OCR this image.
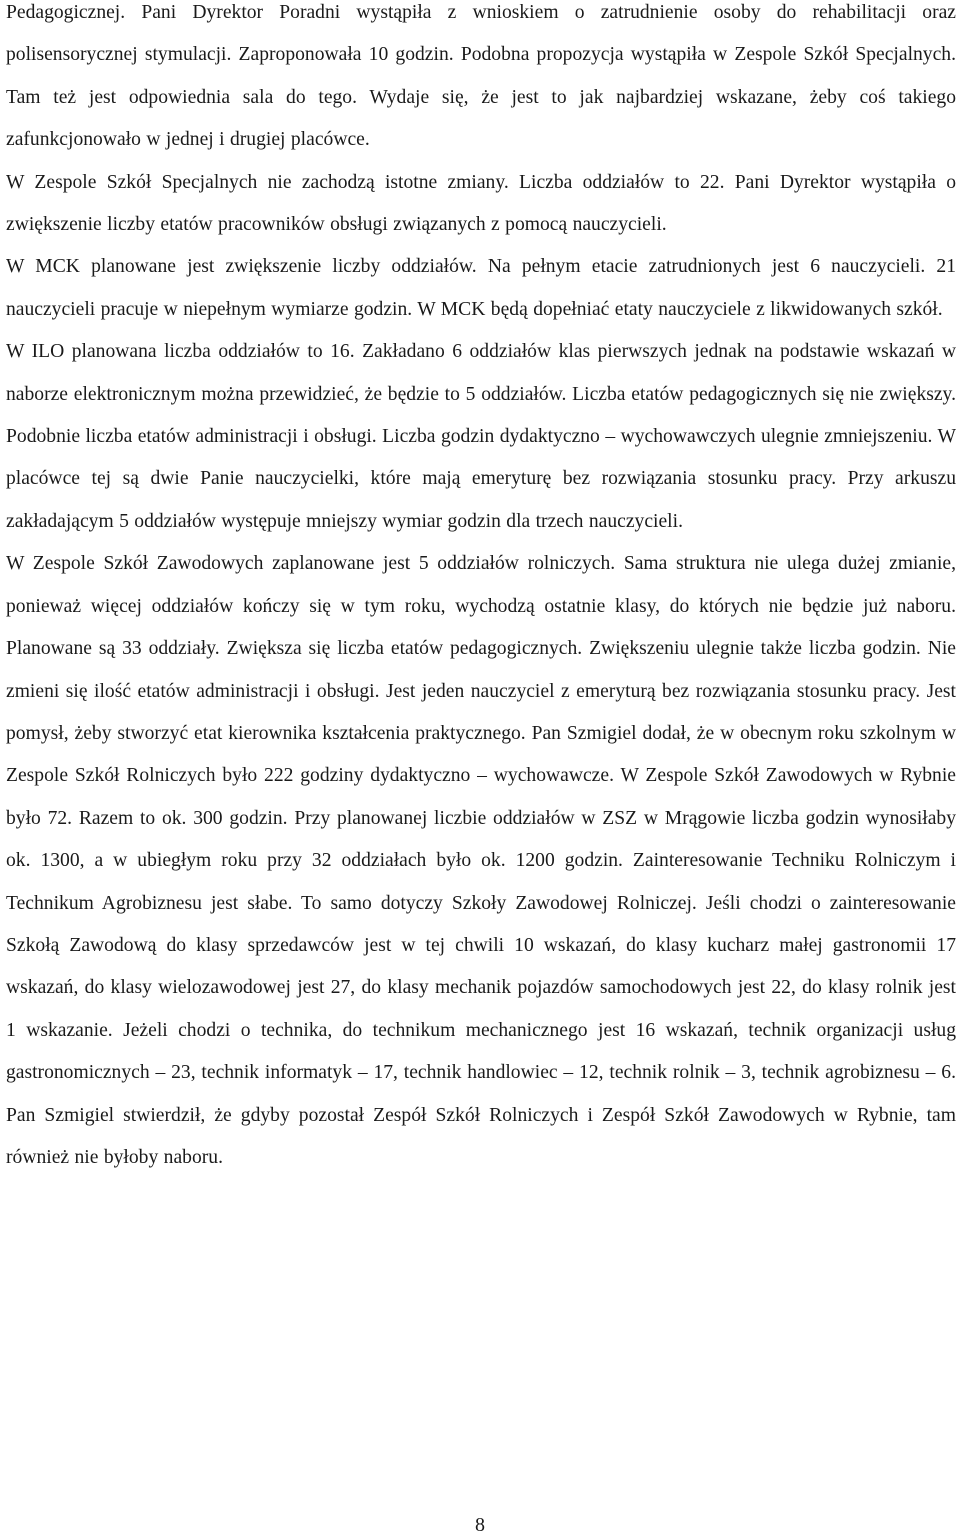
Pedagogicznej. Pani Dyrektor Poradni wystąpiła z wnioskiem o zatrudnienie osoby do rehabilitacji oraz polisensorycznej stymulacji. Zaproponowała 10 godzin. Podobna propozycja wystąpiła w Zespole Szkół Specjalnych. Tam też jest odpowiednia sala do tego. Wydaje się, że jest to jak najbardziej wskazane, żeby coś takiego zafunkcjonowało w jednej i drugiej placówce.

W Zespole Szkół Specjalnych nie zachodzą istotne zmiany. Liczba oddziałów to 22. Pani Dyrektor wystąpiła o zwiększenie liczby etatów pracowników obsługi związanych z pomocą nauczycieli.

W MCK planowane jest zwiększenie liczby oddziałów. Na pełnym etacie zatrudnionych jest 6 nauczycieli. 21 nauczycieli pracuje w niepełnym wymiarze godzin. W MCK będą dopełniać etaty nauczyciele z likwidowanych szkół.

W ILO planowana liczba oddziałów to 16. Zakładano 6 oddziałów klas pierwszych jednak na podstawie wskazań w naborze elektronicznym można przewidzieć, że będzie to 5 oddziałów. Liczba etatów pedagogicznych się nie zwiększy. Podobnie liczba etatów administracji i obsługi. Liczba godzin dydaktyczno – wychowawczych ulegnie zmniejszeniu. W placówce tej są dwie Panie nauczycielki, które mają emeryturę bez rozwiązania stosunku pracy. Przy arkuszu zakładającym 5 oddziałów występuje mniejszy wymiar godzin dla trzech nauczycieli.

W Zespole Szkół Zawodowych zaplanowane jest 5 oddziałów rolniczych. Sama struktura nie ulega dużej zmianie, ponieważ więcej oddziałów kończy się w tym roku, wychodzą ostatnie klasy, do których nie będzie już naboru. Planowane są 33 oddziały. Zwiększa się liczba etatów pedagogicznych. Zwiększeniu ulegnie także liczba godzin. Nie zmieni się ilość etatów administracji i obsługi. Jest jeden nauczyciel z emeryturą bez rozwiązania stosunku pracy. Jest pomysł, żeby stworzyć etat kierownika kształcenia praktycznego. Pan Szmigiel dodał, że w obecnym roku szkolnym w Zespole Szkół Rolniczych było 222 godziny dydaktyczno – wychowawcze. W Zespole Szkół Zawodowych w Rybnie było 72. Razem to ok. 300 godzin. Przy planowanej liczbie oddziałów w ZSZ w Mrągowie liczba godzin wynosiłaby ok. 1300, a w ubiegłym roku przy 32 oddziałach było ok. 1200 godzin. Zainteresowanie Techniku Rolniczym i Technikum Agrobiznesu jest słabe. To samo dotyczy Szkoły Zawodowej Rolniczej. Jeśli chodzi o zainteresowanie Szkołą Zawodową do klasy sprzedawców jest w tej chwili 10 wskazań, do klasy kucharz małej gastronomii 17 wskazań, do klasy wielozawodowej jest 27, do klasy mechanik pojazdów samochodowych jest 22, do klasy rolnik jest 1 wskazanie. Jeżeli chodzi o technika, do technikum mechanicznego jest 16 wskazań, technik organizacji usług gastronomicznych – 23, technik informatyk – 17, technik handlowiec – 12, technik rolnik – 3, technik agrobiznesu – 6. Pan Szmigiel stwierdził, że gdyby pozostał Zespół Szkół Rolniczych i Zespół Szkół Zawodowych w Rybnie, tam również nie byłoby naboru.

8
